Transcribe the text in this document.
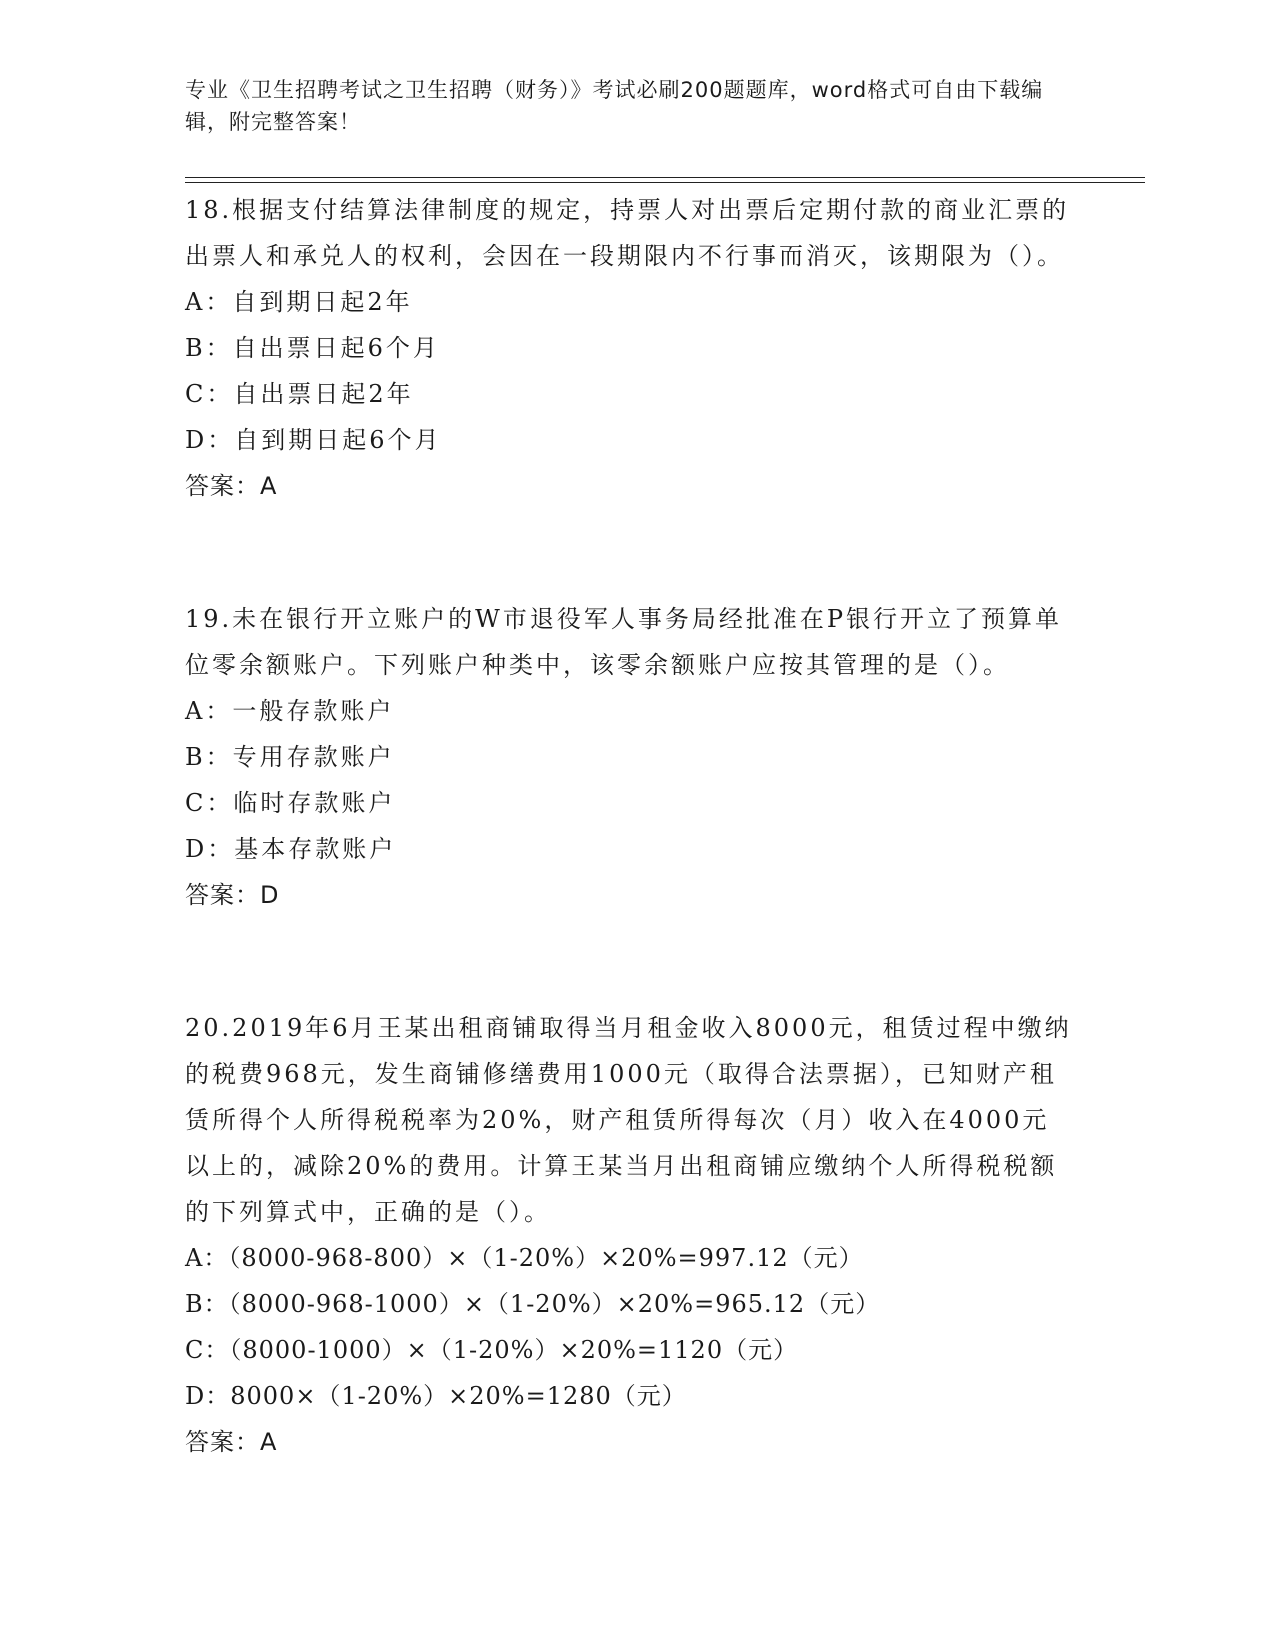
专业《卫生招聘考试之卫生招聘（财务）》考试必刷200题题库，word格式可自由下载编辑，附完整答案！
18.根据支付结算法律制度的规定，持票人对出票后定期付款的商业汇票的出票人和承兑人的权利，会因在一段期限内不行事而消灭，该期限为（）。
A：自到期日起2年
B：自出票日起6个月
C：自出票日起2年
D：自到期日起6个月
答案：A
19.未在银行开立账户的W市退役军人事务局经批准在P银行开立了预算单位零余额账户。下列账户种类中，该零余额账户应按其管理的是（）。
A：一般存款账户
B：专用存款账户
C：临时存款账户
D：基本存款账户
答案：D
20.2019年6月王某出租商铺取得当月租金收入8000元，租赁过程中缴纳的税费968元，发生商铺修缮费用1000元（取得合法票据），已知财产租赁所得个人所得税税率为20%，财产租赁所得每次（月）收入在4000元以上的，减除20%的费用。计算王某当月出租商铺应缴纳个人所得税税额的下列算式中，正确的是（）。
A：（8000-968-800）×（1-20%）×20%=997.12（元）
B：（8000-968-1000）×（1-20%）×20%=965.12（元）
C：（8000-1000）×（1-20%）×20%=1120（元）
D：8000×（1-20%）×20%=1280（元）
答案：A
